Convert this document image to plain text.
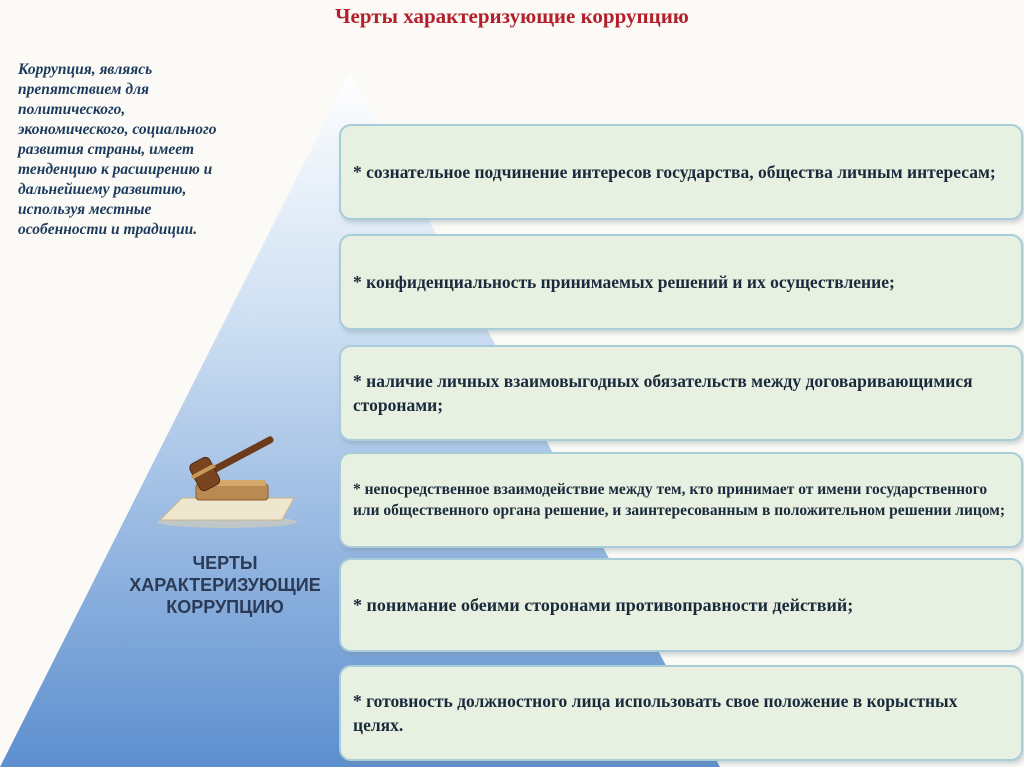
Черты характеризующие коррупцию
Коррупция, являясь препятствием для политического, экономического, социального развития страны, имеет тенденцию к расширению и дальнейшему развитию, используя местные особенности и традиции.
ЧЕРТЫ ХАРАКТЕРИЗУЮЩИЕ КОРРУПЦИЮ
* сознательное подчинение интересов государства, общества личным интересам;
* конфиденциальность принимаемых решений и их осуществление;
* наличие личных взаимовыгодных обязательств между договаривающимися сторонами;
* непосредственное взаимодействие между тем, кто принимает от имени государственного или общественного органа решение, и заинтересованным в положительном решении лицом;
* понимание обеими сторонами противоправности действий;
* готовность должностного лица использовать свое положение в корыстных целях.
